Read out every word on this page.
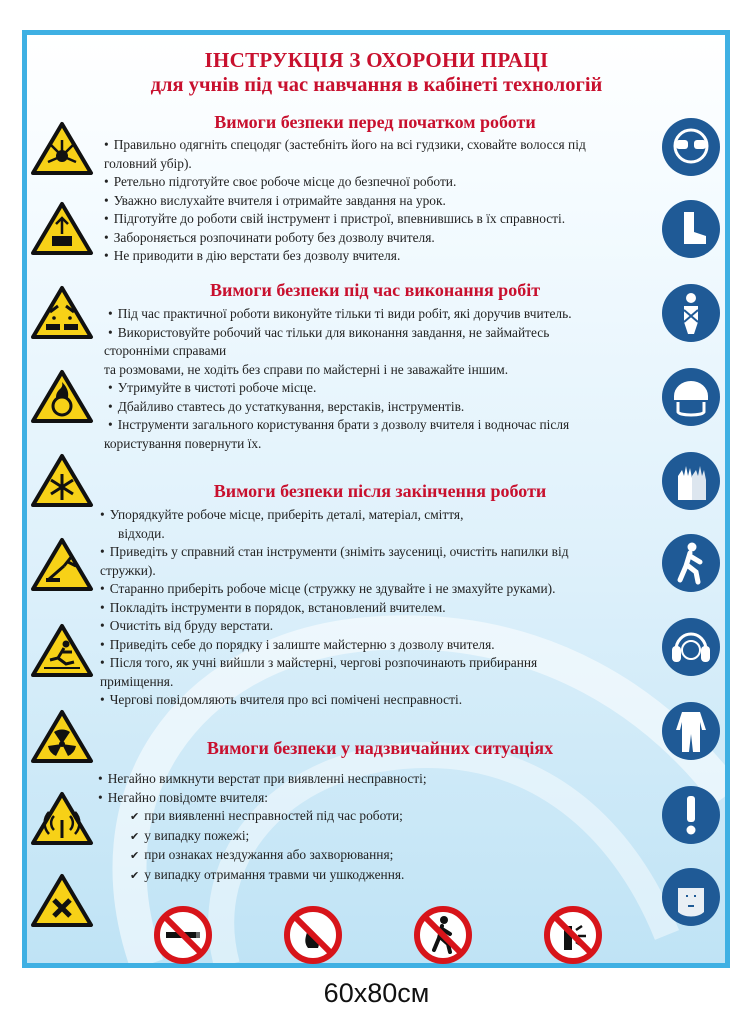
ІНСТРУКЦІЯ З ОХОРОНИ ПРАЦІ
для учнів під час навчання в кабінеті технологій
Вимоги безпеки перед початком роботи

• Правильно одягніть спецодяг (застебніть його на всі гудзики, сховайте волосся під

головний убір).

• Ретельно підготуйте своє робоче місце до безпечної роботи.

• Уважно вислухайте вчителя і отримайте завдання на урок.

• Підготуйте до роботи свій інструмент і пристрої, впевнившись в їх справності.

• Забороняється розпочинати роботу без дозволу вчителя.

• Не приводити в дію верстати без дозволу вчителя.

Вимоги безпеки під час виконання робіт

• Під час практичної роботи виконуйте тільки ті види робіт, які доручив вчитель.

• Використовуйте робочий час тільки для виконання завдання, не займайтесь

сторонніми справами

та розмовами, не ходіть без справи по майстерні і не заважайте іншим.

• Утримуйте в чистоті робоче місце.

• Дбайливо ставтесь до устаткування, верстаків, інструментів.

• Інструменти загального користування брати з дозволу вчителя і водночас після

користування повернути їх.

Вимоги безпеки після закінчення роботи

• Упорядкуйте робоче місце, приберіть деталі, матеріал, сміття,

відходи.

• Приведіть у справний стан інструменти (зніміть заусениці, очистіть напилки від

стружки).

• Старанно приберіть робоче місце (стружку не здувайте і не змахуйте руками).

• Покладіть інструменти в порядок, встановлений вчителем.

• Очистіть від бруду верстати.

• Приведіть себе до порядку і залиште майстерню з дозволу вчителя.

• Після того, як учні вийшли з майстерні, чергові розпочинають прибирання

приміщення.

• Чергові повідомляють вчителя про всі помічені несправності.

Вимоги безпеки у надзвичайних ситуаціях

• Негайно вимкнути верстат при виявленні несправності;

• Негайно повідомте вчителя:

✔ при виявленні несправностей під час роботи;

✔ у випадку пожежі;

✔ при ознаках нездужання або захворювання;

✔ у випадку отримання травми чи ушкодження.

60x80см
